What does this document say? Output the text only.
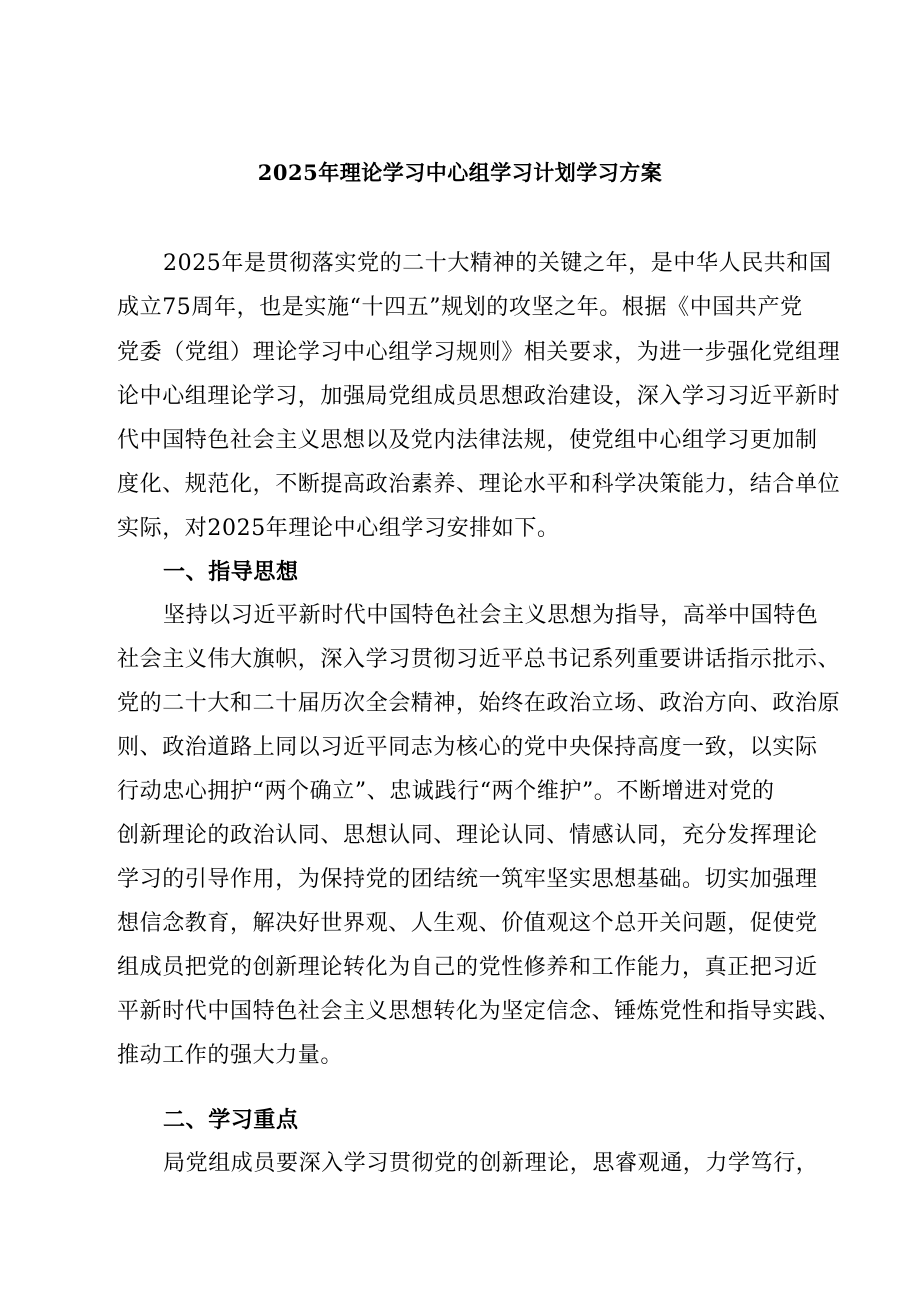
2025年理论学习中心组学习计划学习方案
2025年是贯彻落实党的二十大精神的关键之年，是中华人民共和国
成立75周年，也是实施“十四五”规划的攻坚之年。根据《中国共产党
党委（党组）理论学习中心组学习规则》相关要求，为进一步强化党组理
论中心组理论学习，加强局党组成员思想政治建设，深入学习习近平新时
代中国特色社会主义思想以及党内法律法规，使党组中心组学习更加制
度化、规范化，不断提高政治素养、理论水平和科学决策能力，结合单位
实际，对2025年理论中心组学习安排如下。
一、指导思想
坚持以习近平新时代中国特色社会主义思想为指导，高举中国特色
社会主义伟大旗帜，深入学习贯彻习近平总书记系列重要讲话指示批示、
党的二十大和二十届历次全会精神，始终在政治立场、政治方向、政治原
则、政治道路上同以习近平同志为核心的党中央保持高度一致，以实际
行动忠心拥护“两个确立”、忠诚践行“两个维护”。不断增进对党的
创新理论的政治认同、思想认同、理论认同、情感认同，充分发挥理论
学习的引导作用，为保持党的团结统一筑牢坚实思想基础。切实加强理
想信念教育，解决好世界观、人生观、价值观这个总开关问题，促使党
组成员把党的创新理论转化为自己的党性修养和工作能力，真正把习近
平新时代中国特色社会主义思想转化为坚定信念、锤炼党性和指导实践、
推动工作的强大力量。
二、学习重点
局党组成员要深入学习贯彻党的创新理论，思睿观通，力学笃行，
